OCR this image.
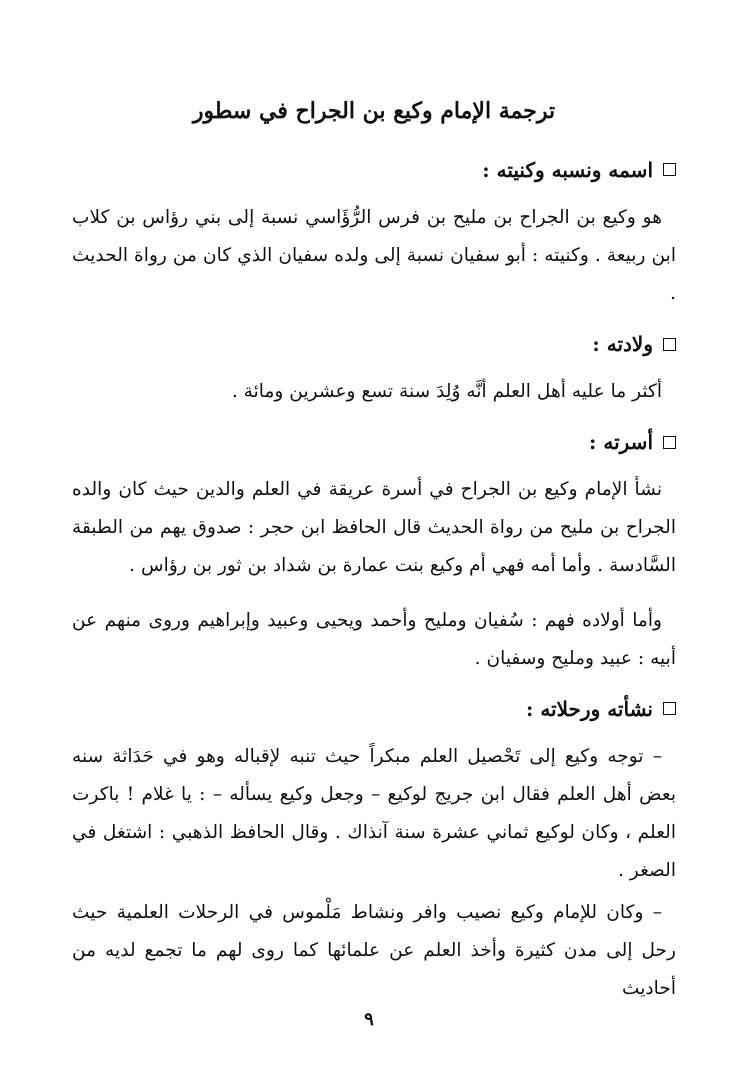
ترجمة الإمام وكيع بن الجراح في سطور
اسمه ونسبه وكنيته :

هو وكيع بن الجراح بن مليح بن فرس الرُّؤَاسي نسبة إلى بني رؤاس بن كلاب ابن ربيعة . وكنيته : أبو سفيان نسبة إلى ولده سفيان الذي كان من رواة الحديث .

ولادته :

أكثر ما عليه أهل العلم أنَّه وُلِدَ سنة تسع وعشرين ومائة .

أسرته :

نشأ الإمام وكيع بن الجراح في أسرة عريقة في العلم والدين حيث كان والده الجراح بن مليح من رواة الحديث قال الحافظ ابن حجر : صدوق يهم من الطبقة السَّادسة . وأما أمه فهي أم وكيع بنت عمارة بن شداد بن ثور بن رؤاس .

وأما أولاده فهم : سُفيان ومليح وأحمد ويحيى وعبيد وإبراهيم وروى منهم عن أبيه : عبيد ومليح وسفيان .

نشأته ورحلاته :

– توجه وكيع إلى تَحْصيل العلم مبكراً حيث تنبه لإقباله وهو في حَدَاثة سنه بعض أهل العلم فقال ابن جريج لوكيع – وجعل وكيع يسأله – : يا غلام ! باكرت العلم ، وكان لوكيع ثماني عشرة سنة آنذاك . وقال الحافظ الذهبي : اشتغل في الصغر .

– وكان للإمام وكيع نصيب وافر ونشاط مَلْموس في الرحلات العلمية حيث رحل إلى مدن كثيرة وأخذ العلم عن علمائها كما روى لهم ما تجمع لديه من أحاديث

٩
